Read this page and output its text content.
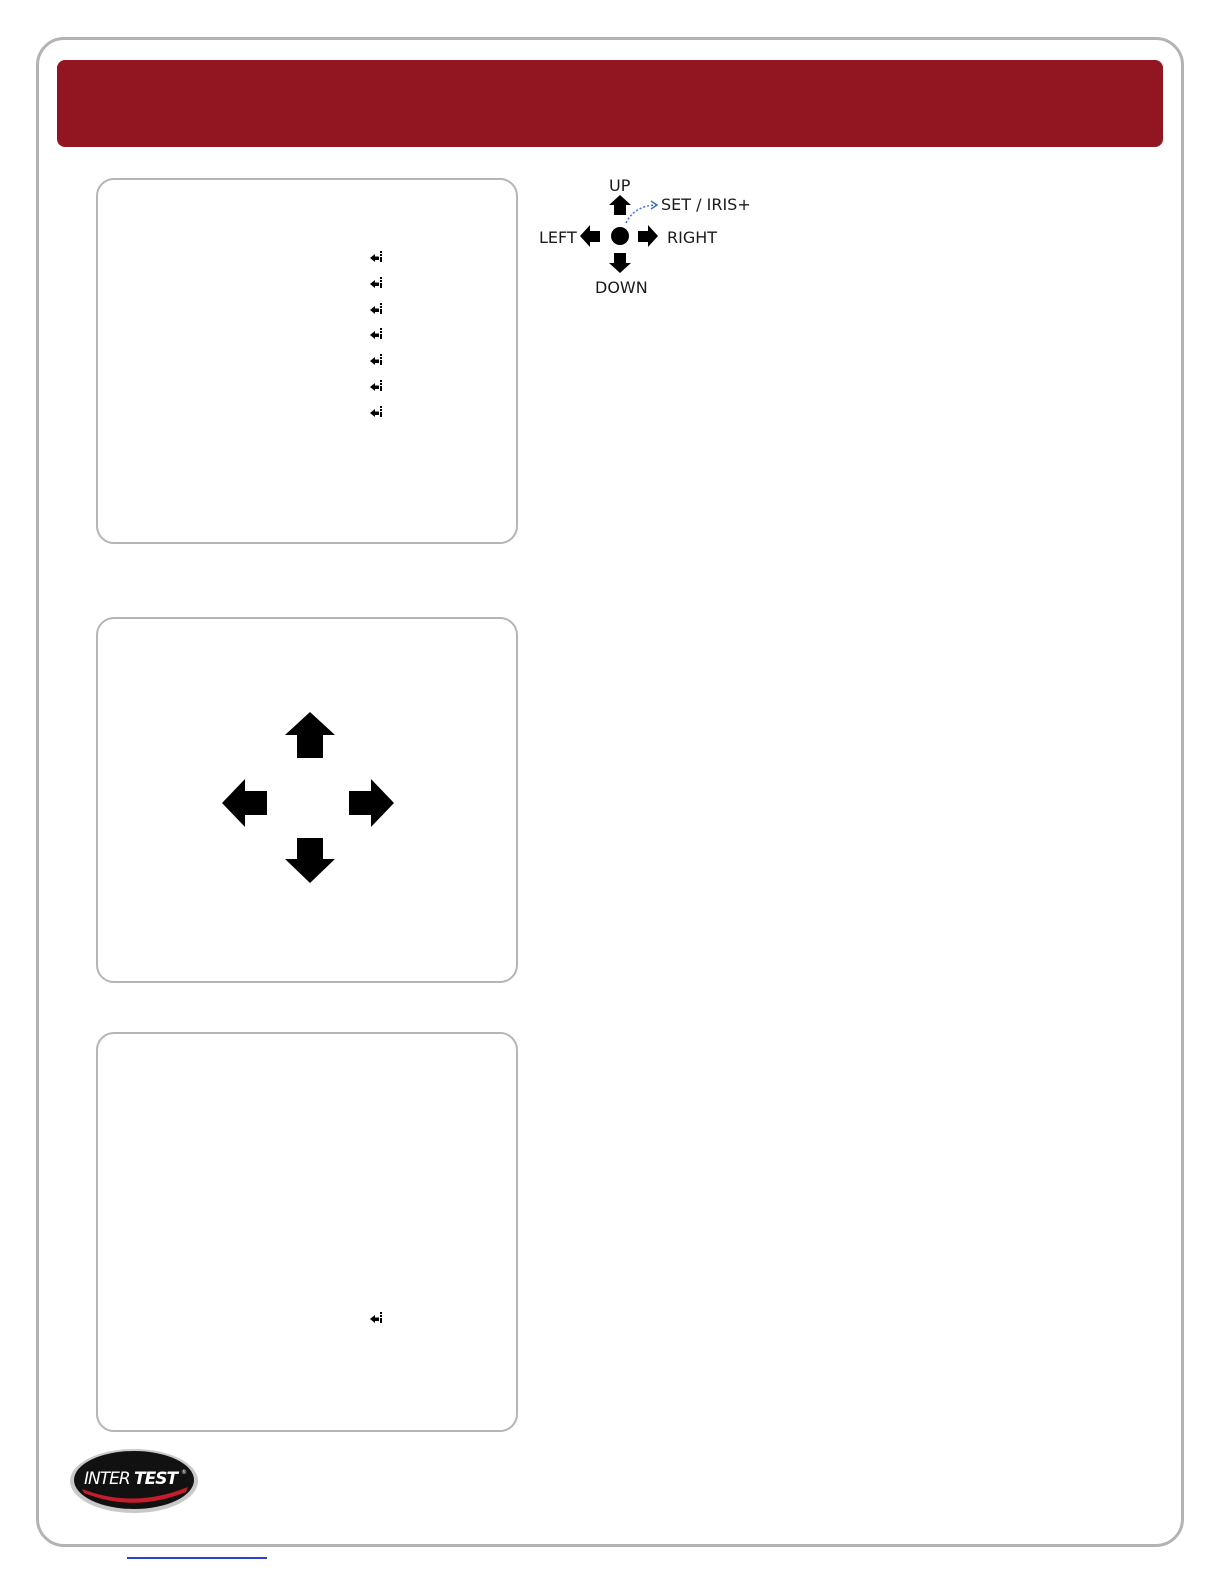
UP
SET / IRIS+
LEFT	RIGHT
DOWN
INTER TEST ®
